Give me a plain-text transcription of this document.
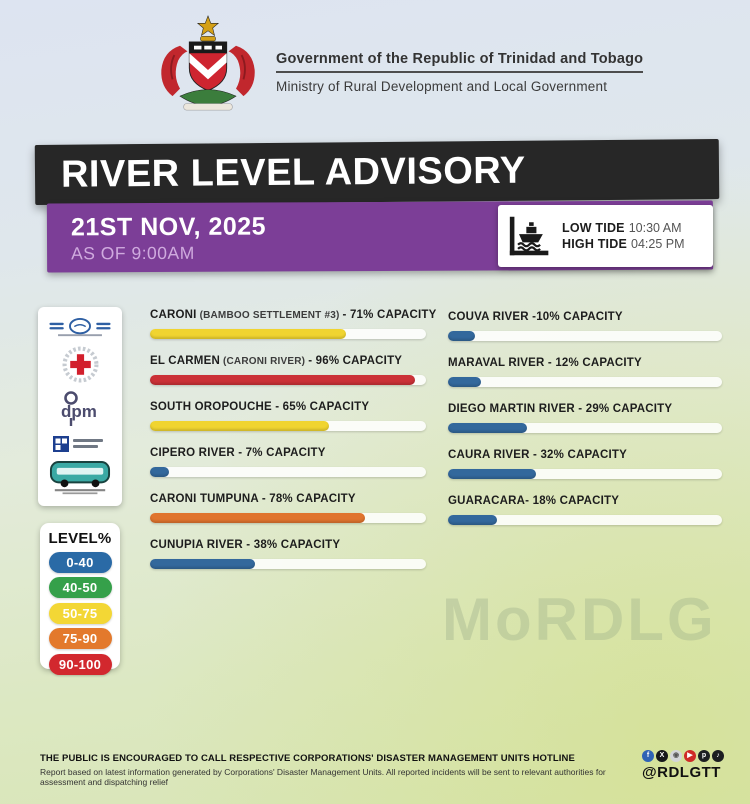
Government of the Republic of Trinidad and Tobago
Ministry of Rural Development and Local Government
RIVER LEVEL ADVISORY
21ST NOV, 2025
AS OF 9:00AM
LOW TIDE 10:30 AM
HIGH TIDE 04:25 PM
dpm
LEVEL%
0-40
40-50
50-75
75-90
90-100
CARONI (BAMBOO SETTLEMENT #3) - 71% CAPACITY
EL CARMEN (CARONI RIVER) - 96% CAPACITY
SOUTH OROPOUCHE - 65% CAPACITY
CIPERO RIVER - 7% CAPACITY
CARONI TUMPUNA - 78% CAPACITY
CUNUPIA RIVER - 38% CAPACITY
COUVA RIVER -10% CAPACITY
MARAVAL RIVER - 12% CAPACITY
DIEGO MARTIN RIVER - 29% CAPACITY
CAURA RIVER - 32% CAPACITY
GUARACARA- 18% CAPACITY
MoRDLG
THE PUBLIC IS ENCOURAGED TO CALL RESPECTIVE CORPORATIONS' DISASTER MANAGEMENT UNITS HOTLINE
Report based on latest information generated by Corporations' Disaster Management Units. All reported incidents will be sent to relevant authorities for assessment and dispatching relief
f	X	◉	▶	p	♪
@RDLGTT
